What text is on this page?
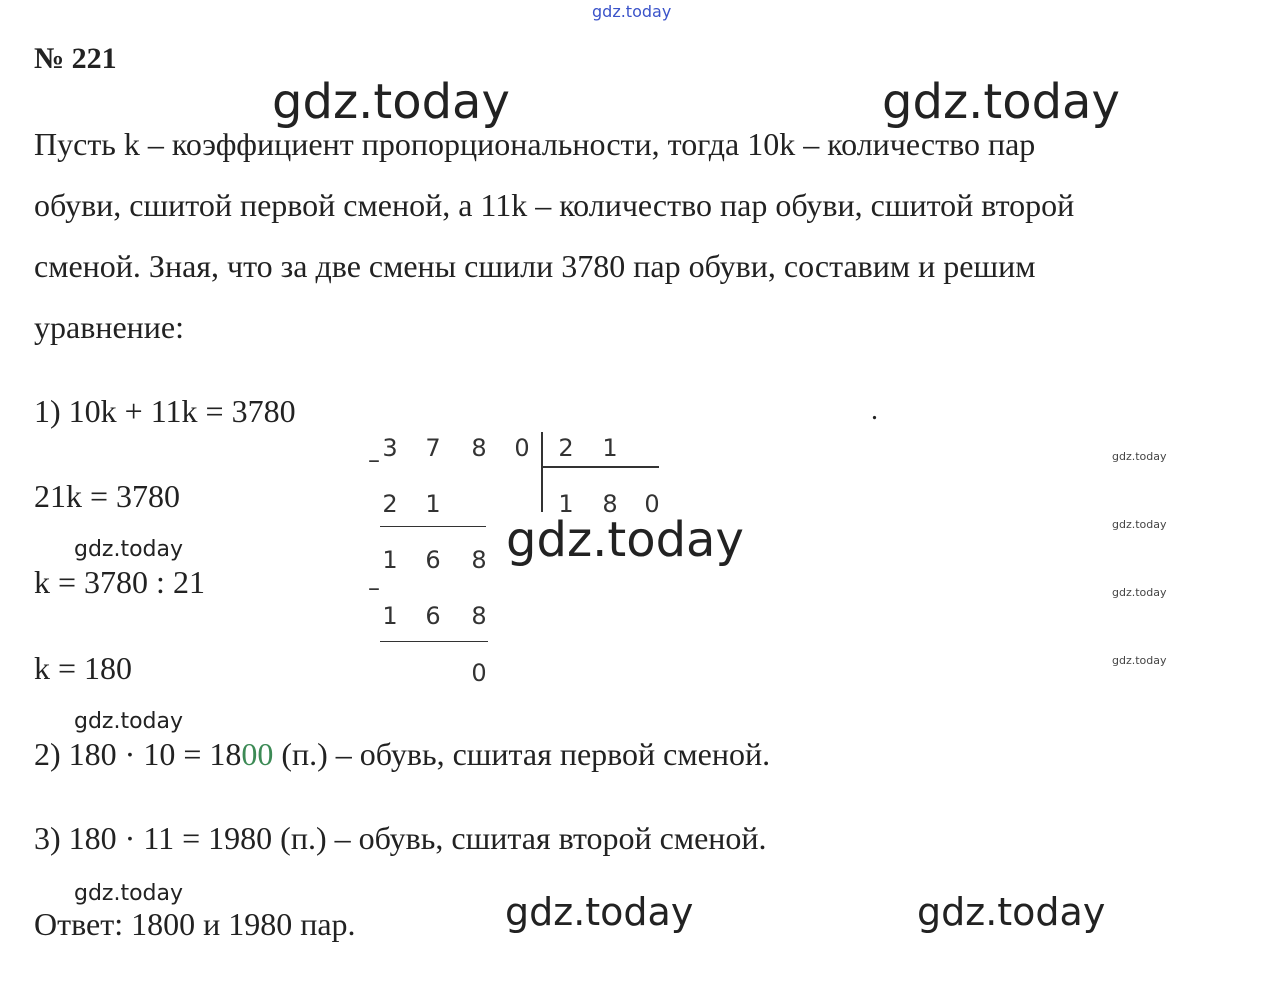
gdz.today
№ 221
gdz.today	gdz.today
Пусть k – коэффициент пропорциональности, тогда 10k – количество пар
обуви, сшитой первой сменой, а 11k – количество пар обуви, сшитой второй
сменой. Зная, что за две смены сшили 3780 пар обуви, составим и решим
уравнение:
1) 10k + 11k = 3780
21k = 3780
k = 3780 : 21
k = 180
2) 180 · 10 = 1800 (п.) – обувь, сшитая первой сменой.
3) 180 · 11 = 1980 (п.) – обувь, сшитая второй сменой.
Ответ: 1800 и 1980 пар.
gdz.today
gdz.today
gdz.today
gdz.today
gdz.today	gdz.today
gdz.today
gdz.today
gdz.today
gdz.today
.
– 3 7 8 0 2 1
1 8 0
2 1
1 6 8
–
1 6 8
0
